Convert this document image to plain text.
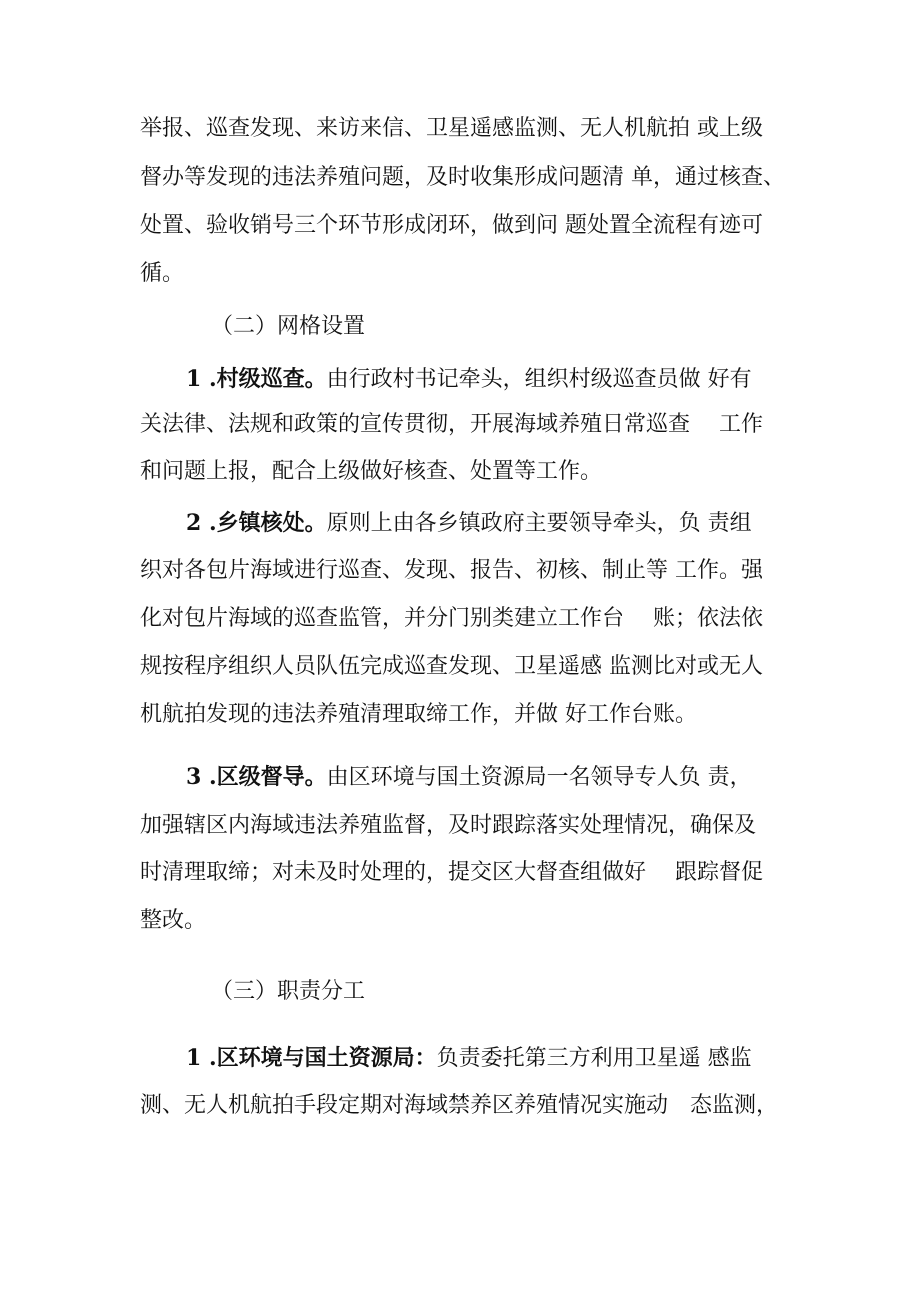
举报、巡查发现、来访来信、卫星遥感监测、无人机航拍 或上级
督办等发现的违法养殖问题，及时收集形成问题清 单，通过核查、
处置、验收销号三个环节形成闭环，做到问 题处置全流程有迹可
循。
（二）网格设置
1 .村级巡查。由行政村书记牵头，组织村级巡查员做 好有
关法律、法规和政策的宣传贯彻，开展海域养殖日常巡查　 工作
和问题上报，配合上级做好核查、处置等工作。
2 .乡镇核处。原则上由各乡镇政府主要领导牵头，负 责组
织对各包片海域进行巡查、发现、报告、初核、制止等 工作。强
化对包片海域的巡查监管，并分门别类建立工作台　 账；依法依
规按程序组织人员队伍完成巡查发现、卫星遥感 监测比对或无人
机航拍发现的违法养殖清理取缔工作，并做 好工作台账。
3 .区级督导。由区环境与国土资源局一名领导专人负 责，
加强辖区内海域违法养殖监督，及时跟踪落实处理情况，确保及
时清理取缔；对未及时处理的，提交区大督查组做好　 跟踪督促
整改。
（三）职责分工
1 .区环境与国土资源局：负责委托第三方利用卫星遥 感监
测、无人机航拍手段定期对海域禁养区养殖情况实施动　态监测，
